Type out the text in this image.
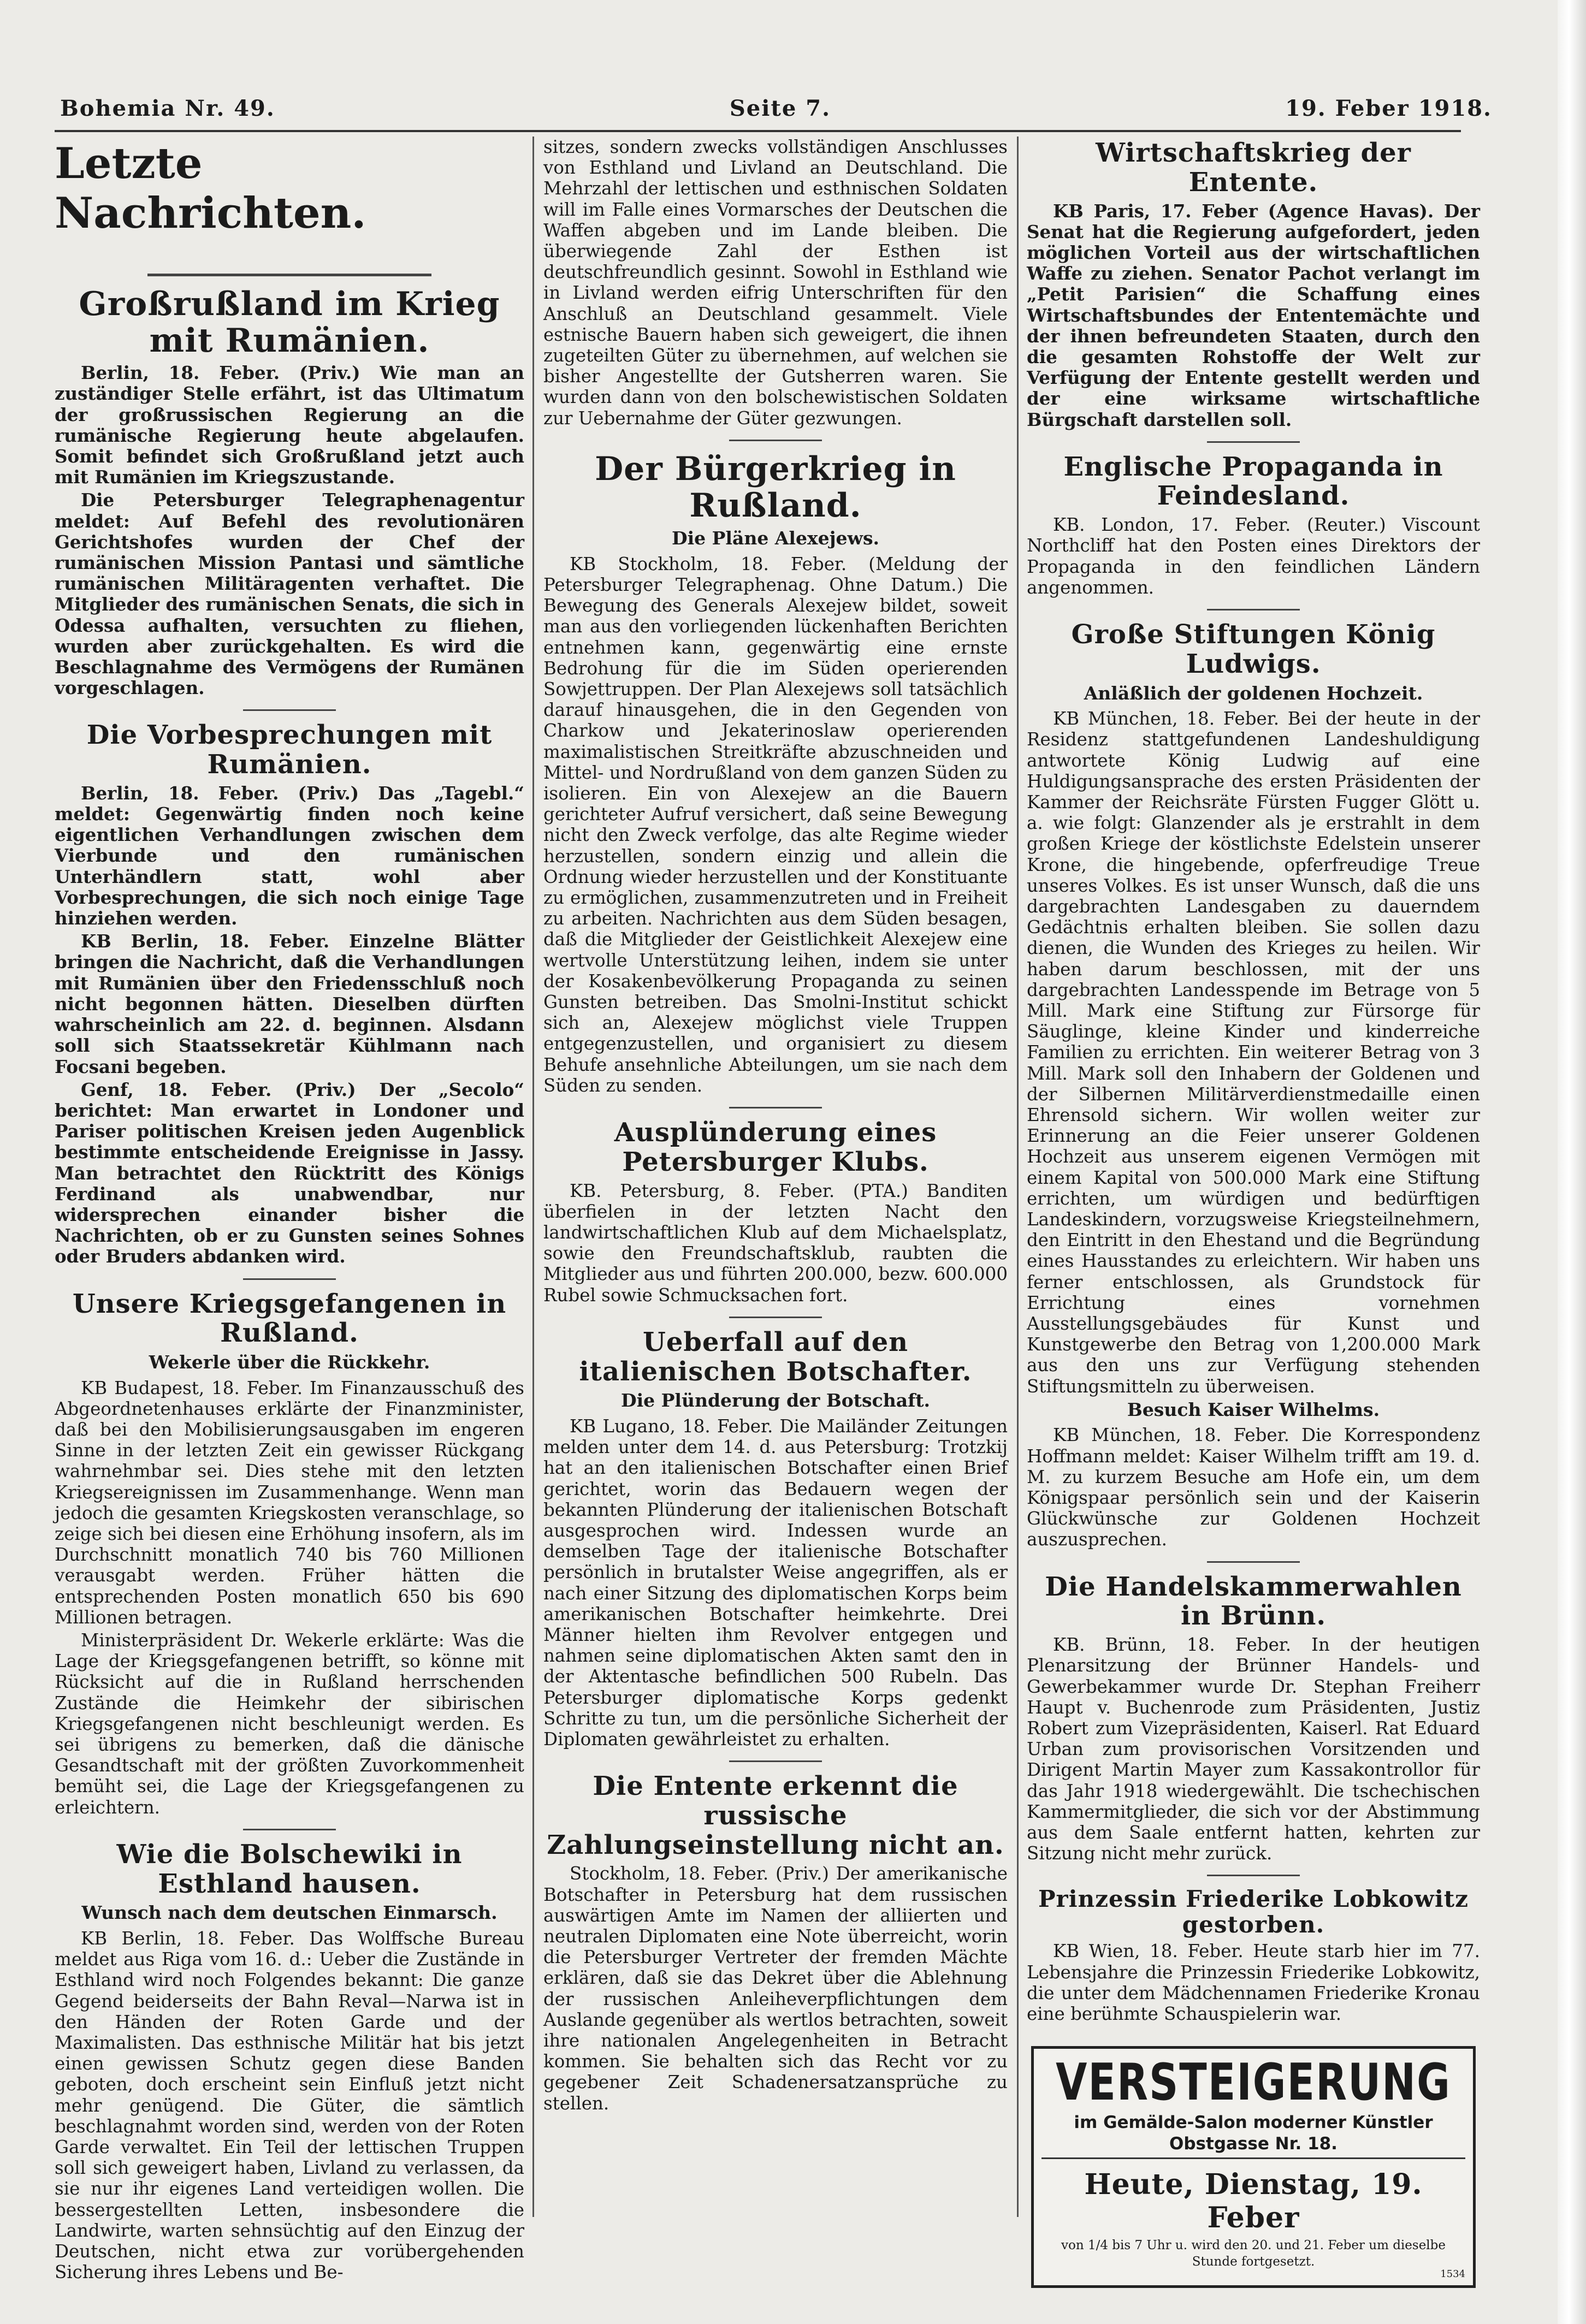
Bohemia Nr. 49.	Seite 7.	19. Feber 1918.
Letzte Nachrichten.
Großrußland im Krieg mit Rumänien.

Berlin, 18. Feber. (Priv.) Wie man an zuständiger Stelle erfährt, ist das Ultimatum der großrussischen Regierung an die rumänische Regierung heute abgelaufen. Somit befindet sich Großrußland jetzt auch mit Rumänien im Kriegszustande.

Die Petersburger Telegraphenagentur meldet: Auf Befehl des revolutionären Gerichtshofes wurden der Chef der rumänischen Mission Pantasi und sämtliche rumänischen Militäragenten verhaftet. Die Mitglieder des rumänischen Senats, die sich in Odessa aufhalten, versuchten zu fliehen, wurden aber zurückgehalten. Es wird die Beschlagnahme des Vermögens der Rumänen vorgeschlagen.

Die Vorbesprechungen mit Rumänien.

Berlin, 18. Feber. (Priv.) Das „Tagebl.“ meldet: Gegenwärtig finden noch keine eigentlichen Verhandlungen zwischen dem Vierbunde und den rumänischen Unterhändlern statt, wohl aber Vorbesprechungen, die sich noch einige Tage hinziehen werden.

KB Berlin, 18. Feber. Einzelne Blätter bringen die Nachricht, daß die Verhandlungen mit Rumänien über den Friedensschluß noch nicht begonnen hätten. Dieselben dürften wahrscheinlich am 22. d. beginnen. Alsdann soll sich Staatssekretär Kühlmann nach Focsani begeben.

Genf, 18. Feber. (Priv.) Der „Secolo“ berichtet: Man erwartet in Londoner und Pariser politischen Kreisen jeden Augenblick bestimmte entscheidende Ereignisse in Jassy. Man betrachtet den Rücktritt des Königs Ferdinand als unabwendbar, nur widersprechen einander bisher die Nachrichten, ob er zu Gunsten seines Sohnes oder Bruders abdanken wird.

Unsere Kriegsgefangenen in Rußland.
Wekerle über die Rückkehr.

KB Budapest, 18. Feber. Im Finanzausschuß des Abgeordnetenhauses erklärte der Finanzminister, daß bei den Mobilisierungsausgaben im engeren Sinne in der letzten Zeit ein gewisser Rückgang wahrnehmbar sei. Dies stehe mit den letzten Kriegsereignissen im Zusammenhange. Wenn man jedoch die gesamten Kriegskosten veranschlage, so zeige sich bei diesen eine Erhöhung insofern, als im Durchschnitt monatlich 740 bis 760 Millionen verausgabt werden. Früher hätten die entsprechenden Posten monatlich 650 bis 690 Millionen betragen.

Ministerpräsident Dr. Wekerle erklärte: Was die Lage der Kriegsgefangenen betrifft, so könne mit Rücksicht auf die in Rußland herrschenden Zustände die Heimkehr der sibirischen Kriegsgefangenen nicht beschleunigt werden. Es sei übrigens zu bemerken, daß die dänische Gesandtschaft mit der größten Zuvorkommenheit bemüht sei, die Lage der Kriegsgefangenen zu erleichtern.

Wie die Bolschewiki in Esthland hausen.
Wunsch nach dem deutschen Einmarsch.

KB Berlin, 18. Feber. Das Wolffsche Bureau meldet aus Riga vom 16. d.: Ueber die Zustände in Esthland wird noch Folgendes bekannt: Die ganze Gegend beiderseits der Bahn Reval—Narwa ist in den Händen der Roten Garde und der Maximalisten. Das esthnische Militär hat bis jetzt einen gewissen Schutz gegen diese Banden geboten, doch erscheint sein Einfluß jetzt nicht mehr genügend. Die Güter, die sämtlich beschlagnahmt worden sind, werden von der Roten Garde verwaltet. Ein Teil der lettischen Truppen soll sich geweigert haben, Livland zu verlassen, da sie nur ihr eigenes Land verteidigen wollen. Die bessergestellten Letten, insbesondere die Landwirte, warten sehnsüchtig auf den Einzug der Deutschen, nicht etwa zur vorübergehenden Sicherung ihres Lebens und Be-

sitzes, sondern zwecks vollständigen Anschlusses von Esthland und Livland an Deutschland. Die Mehrzahl der lettischen und esthnischen Soldaten will im Falle eines Vormarsches der Deutschen die Waffen abgeben und im Lande bleiben. Die überwiegende Zahl der Esthen ist deutschfreundlich gesinnt. Sowohl in Esthland wie in Livland werden eifrig Unterschriften für den Anschluß an Deutschland gesammelt. Viele estnische Bauern haben sich geweigert, die ihnen zugeteilten Güter zu übernehmen, auf welchen sie bisher Angestellte der Gutsherren waren. Sie wurden dann von den bolschewistischen Soldaten zur Uebernahme der Güter gezwungen.

Der Bürgerkrieg in Rußland.
Die Pläne Alexejews.

KB Stockholm, 18. Feber. (Meldung der Petersburger Telegraphenag. Ohne Datum.) Die Bewegung des Generals Alexejew bildet, soweit man aus den vorliegenden lückenhaften Berichten entnehmen kann, gegenwärtig eine ernste Bedrohung für die im Süden operierenden Sowjettruppen. Der Plan Alexejews soll tatsächlich darauf hinausgehen, die in den Gegenden von Charkow und Jekaterinoslaw operierenden maximalistischen Streitkräfte abzuschneiden und Mittel- und Nordrußland von dem ganzen Süden zu isolieren. Ein von Alexejew an die Bauern gerichteter Aufruf versichert, daß seine Bewegung nicht den Zweck verfolge, das alte Regime wieder herzustellen, sondern einzig und allein die Ordnung wieder herzustellen und der Konstituante zu ermöglichen, zusammenzutreten und in Freiheit zu arbeiten. Nachrichten aus dem Süden besagen, daß die Mitglieder der Geistlichkeit Alexejew eine wertvolle Unterstützung leihen, indem sie unter der Kosakenbevölkerung Propaganda zu seinen Gunsten betreiben. Das Smolni-Institut schickt sich an, Alexejew möglichst viele Truppen entgegenzustellen, und organisiert zu diesem Behufe ansehnliche Abteilungen, um sie nach dem Süden zu senden.

Ausplünderung eines Petersburger Klubs.

KB. Petersburg, 8. Feber. (PTA.) Banditen überfielen in der letzten Nacht den landwirtschaftlichen Klub auf dem Michaelsplatz, sowie den Freundschaftsklub, raubten die Mitglieder aus und führten 200.000, bezw. 600.000 Rubel sowie Schmucksachen fort.

Ueberfall auf den italienischen Botschafter.
Die Plünderung der Botschaft.

KB Lugano, 18. Feber. Die Mailänder Zeitungen melden unter dem 14. d. aus Petersburg: Trotzkij hat an den italienischen Botschafter einen Brief gerichtet, worin das Bedauern wegen der bekannten Plünderung der italienischen Botschaft ausgesprochen wird. Indessen wurde an demselben Tage der italienische Botschafter persönlich in brutalster Weise angegriffen, als er nach einer Sitzung des diplomatischen Korps beim amerikanischen Botschafter heimkehrte. Drei Männer hielten ihm Revolver entgegen und nahmen seine diplomatischen Akten samt den in der Aktentasche befindlichen 500 Rubeln. Das Petersburger diplomatische Korps gedenkt Schritte zu tun, um die persönliche Sicherheit der Diplomaten gewährleistet zu erhalten.

Die Entente erkennt die russische Zahlungseinstellung nicht an.

Stockholm, 18. Feber. (Priv.) Der amerikanische Botschafter in Petersburg hat dem russischen auswärtigen Amte im Namen der alliierten und neutralen Diplomaten eine Note überreicht, worin die Petersburger Vertreter der fremden Mächte erklären, daß sie das Dekret über die Ablehnung der russischen Anleiheverpflichtungen dem Auslande gegenüber als wertlos betrachten, soweit ihre nationalen Angelegenheiten in Betracht kommen. Sie behalten sich das Recht vor zu gegebener Zeit Schadenersatzansprüche zu stellen.

Wirtschaftskrieg der Entente.

KB Paris, 17. Feber (Agence Havas). Der Senat hat die Regierung aufgefordert, jeden möglichen Vorteil aus der wirtschaftlichen Waffe zu ziehen. Senator Pachot verlangt im „Petit Parisien“ die Schaffung eines Wirtschaftsbundes der Ententemächte und der ihnen befreundeten Staaten, durch den die gesamten Rohstoffe der Welt zur Verfügung der Entente gestellt werden und der eine wirksame wirtschaftliche Bürgschaft darstellen soll.

Englische Propaganda in Feindesland.

KB. London, 17. Feber. (Reuter.) Viscount Northcliff hat den Posten eines Direktors der Propaganda in den feindlichen Ländern angenommen.

Große Stiftungen König Ludwigs.
Anläßlich der goldenen Hochzeit.

KB München, 18. Feber. Bei der heute in der Residenz stattgefundenen Landeshuldigung antwortete König Ludwig auf eine Huldigungsansprache des ersten Präsidenten der Kammer der Reichsräte Fürsten Fugger Glött u. a. wie folgt: Glanzender als je erstrahlt in dem großen Kriege der köstlichste Edelstein unserer Krone, die hingebende, opferfreudige Treue unseres Volkes. Es ist unser Wunsch, daß die uns dargebrachten Landesgaben zu dauerndem Gedächtnis erhalten bleiben. Sie sollen dazu dienen, die Wunden des Krieges zu heilen. Wir haben darum beschlossen, mit der uns dargebrachten Landesspende im Betrage von 5 Mill. Mark eine Stiftung zur Fürsorge für Säuglinge, kleine Kinder und kinderreiche Familien zu errichten. Ein weiterer Betrag von 3 Mill. Mark soll den Inhabern der Goldenen und der Silbernen Militärverdienstmedaille einen Ehrensold sichern. Wir wollen weiter zur Erinnerung an die Feier unserer Goldenen Hochzeit aus unserem eigenen Vermögen mit einem Kapital von 500.000 Mark eine Stiftung errichten, um würdigen und bedürftigen Landeskindern, vorzugsweise Kriegsteilnehmern, den Eintritt in den Ehestand und die Begründung eines Hausstandes zu erleichtern. Wir haben uns ferner entschlossen, als Grundstock für Errichtung eines vornehmen Ausstellungsgebäudes für Kunst und Kunstgewerbe den Betrag von 1,200.000 Mark aus den uns zur Verfügung stehenden Stiftungsmitteln zu überweisen.

Besuch Kaiser Wilhelms.

KB München, 18. Feber. Die Korrespondenz Hoffmann meldet: Kaiser Wilhelm trifft am 19. d. M. zu kurzem Besuche am Hofe ein, um dem Königspaar persönlich sein und der Kaiserin Glückwünsche zur Goldenen Hochzeit auszusprechen.

Die Handelskammerwahlen in Brünn.

KB. Brünn, 18. Feber. In der heutigen Plenarsitzung der Brünner Handels- und Gewerbekammer wurde Dr. Stephan Freiherr Haupt v. Buchenrode zum Präsidenten, Justiz Robert zum Vizepräsidenten, Kaiserl. Rat Eduard Urban zum provisorischen Vorsitzenden und Dirigent Martin Mayer zum Kassakontrollor für das Jahr 1918 wiedergewählt. Die tschechischen Kammermitglieder, die sich vor der Abstimmung aus dem Saale entfernt hatten, kehrten zur Sitzung nicht mehr zurück.

Prinzessin Friederike Lobkowitz gestorben.

KB Wien, 18. Feber. Heute starb hier im 77. Lebensjahre die Prinzessin Friederike Lobkowitz, die unter dem Mädchennamen Friederike Kronau eine berühmte Schauspielerin war.

VERSTEIGERUNG
im Gemälde-Salon moderner Künstler Obstgasse Nr. 18.
Heute, Dienstag, 19. Feber
von 1/4 bis 7 Uhr u. wird den 20. und 21. Feber um dieselbe Stunde fortgesetzt.
1534
